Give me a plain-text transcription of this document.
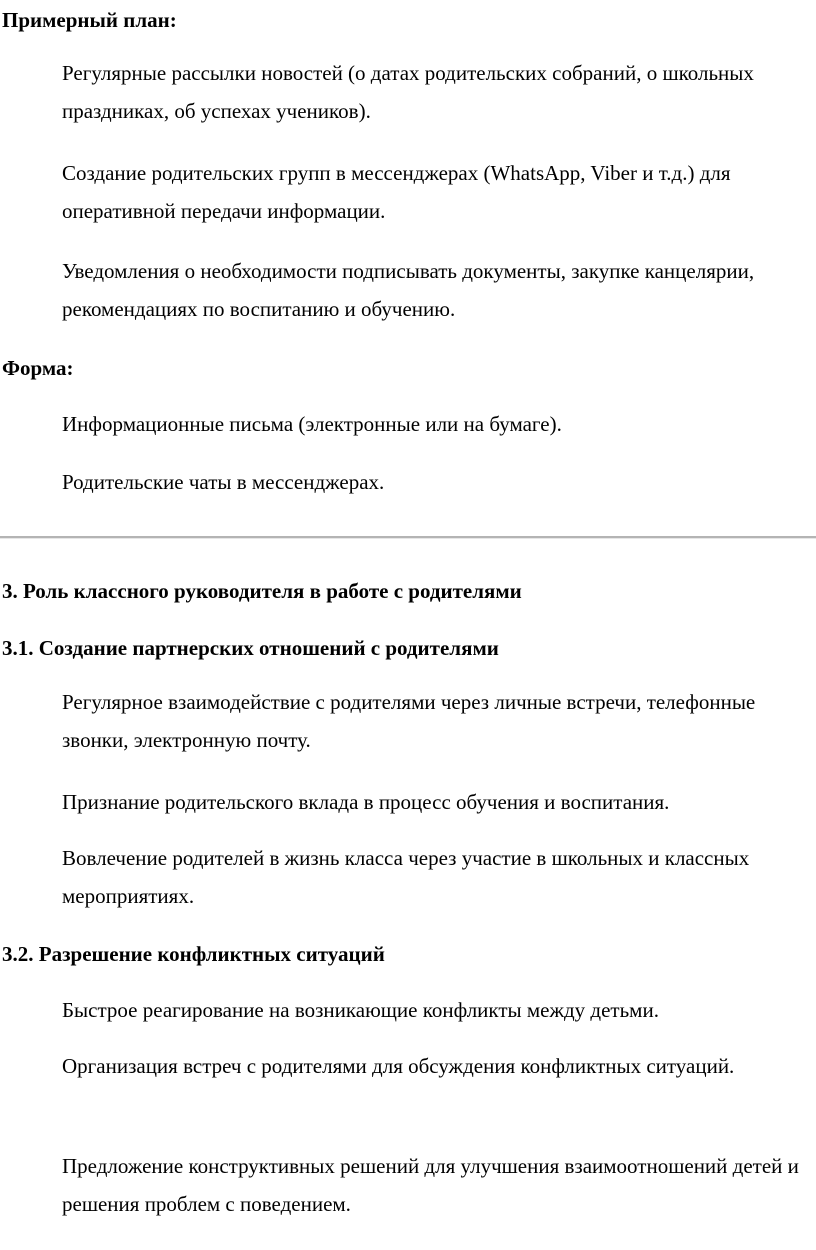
Примерный план:
Регулярные рассылки новостей (о датах родительских собраний, о школьных праздниках, об успехах учеников).
Создание родительских групп в мессенджерах (WhatsApp, Viber и т.д.) для оперативной передачи информации.
Уведомления о необходимости подписывать документы, закупке канцелярии, рекомендациях по воспитанию и обучению.
Форма:
Информационные письма (электронные или на бумаге).
Родительские чаты в мессенджерах.
3. Роль классного руководителя в работе с родителями
3.1. Создание партнерских отношений с родителями
Регулярное взаимодействие с родителями через личные встречи, телефонные звонки, электронную почту.
Признание родительского вклада в процесс обучения и воспитания.
Вовлечение родителей в жизнь класса через участие в школьных и классных мероприятиях.
3.2. Разрешение конфликтных ситуаций
Быстрое реагирование на возникающие конфликты между детьми.
Организация встреч с родителями для обсуждения конфликтных ситуаций.
Предложение конструктивных решений для улучшения взаимоотношений детей и решения проблем с поведением.
